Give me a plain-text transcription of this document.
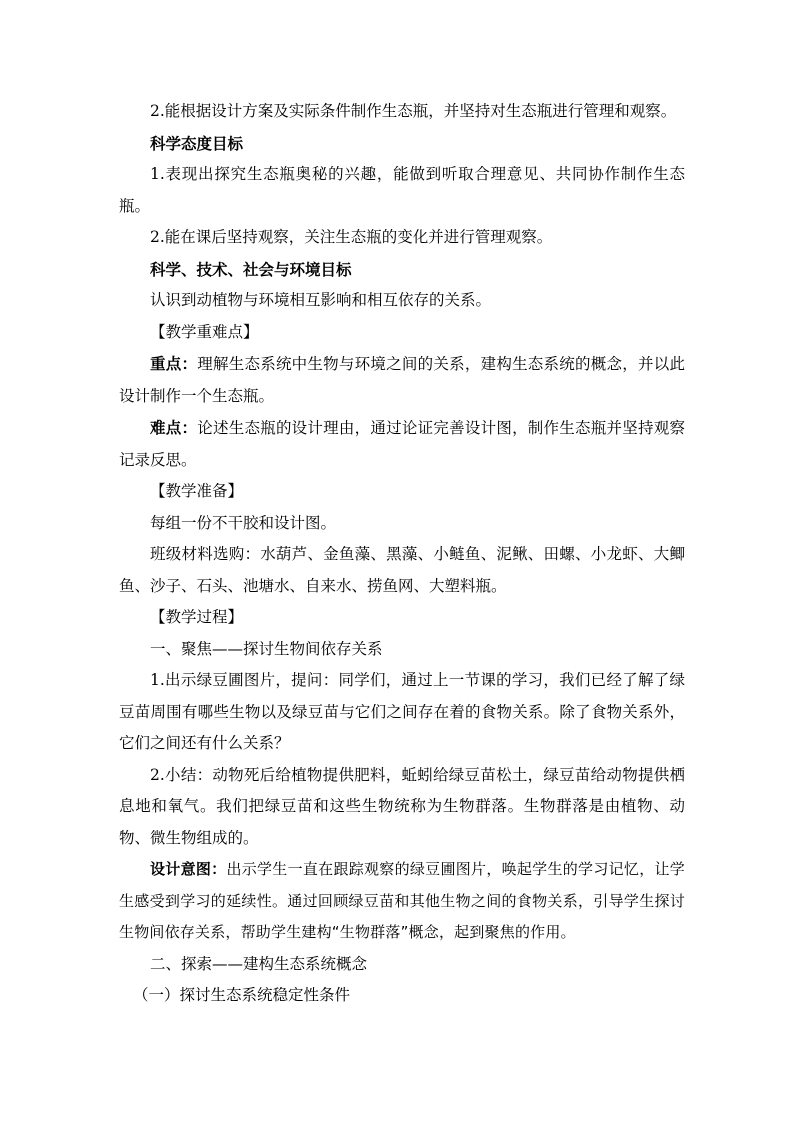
2.能根据设计方案及实际条件制作生态瓶，并坚持对生态瓶进行管理和观察。

科学态度目标

1.表现出探究生态瓶奥秘的兴趣，能做到听取合理意见、共同协作制作生态瓶。

2.能在课后坚持观察，关注生态瓶的变化并进行管理观察。

科学、技术、社会与环境目标

认识到动植物与环境相互影响和相互依存的关系。

【教学重难点】

重点：理解生态系统中生物与环境之间的关系，建构生态系统的概念，并以此设计制作一个生态瓶。

难点：论述生态瓶的设计理由，通过论证完善设计图，制作生态瓶并坚持观察记录反思。

【教学准备】

每组一份不干胶和设计图。

班级材料选购：水葫芦、金鱼藻、黑藻、小鲢鱼、泥鳅、田螺、小龙虾、大鲫鱼、沙子、石头、池塘水、自来水、捞鱼网、大塑料瓶。

【教学过程】

一、聚焦——探讨生物间依存关系

1.出示绿豆圃图片，提问：同学们，通过上一节课的学习，我们已经了解了绿豆苗周围有哪些生物以及绿豆苗与它们之间存在着的食物关系。除了食物关系外，它们之间还有什么关系？

2.小结：动物死后给植物提供肥料，蚯蚓给绿豆苗松土，绿豆苗给动物提供栖息地和氧气。我们把绿豆苗和这些生物统称为生物群落。生物群落是由植物、动物、微生物组成的。

设计意图：出示学生一直在跟踪观察的绿豆圃图片，唤起学生的学习记忆，让学生感受到学习的延续性。通过回顾绿豆苗和其他生物之间的食物关系，引导学生探讨生物间依存关系，帮助学生建构“生物群落”概念，起到聚焦的作用。

二、探索——建构生态系统概念

（一）探讨生态系统稳定性条件
